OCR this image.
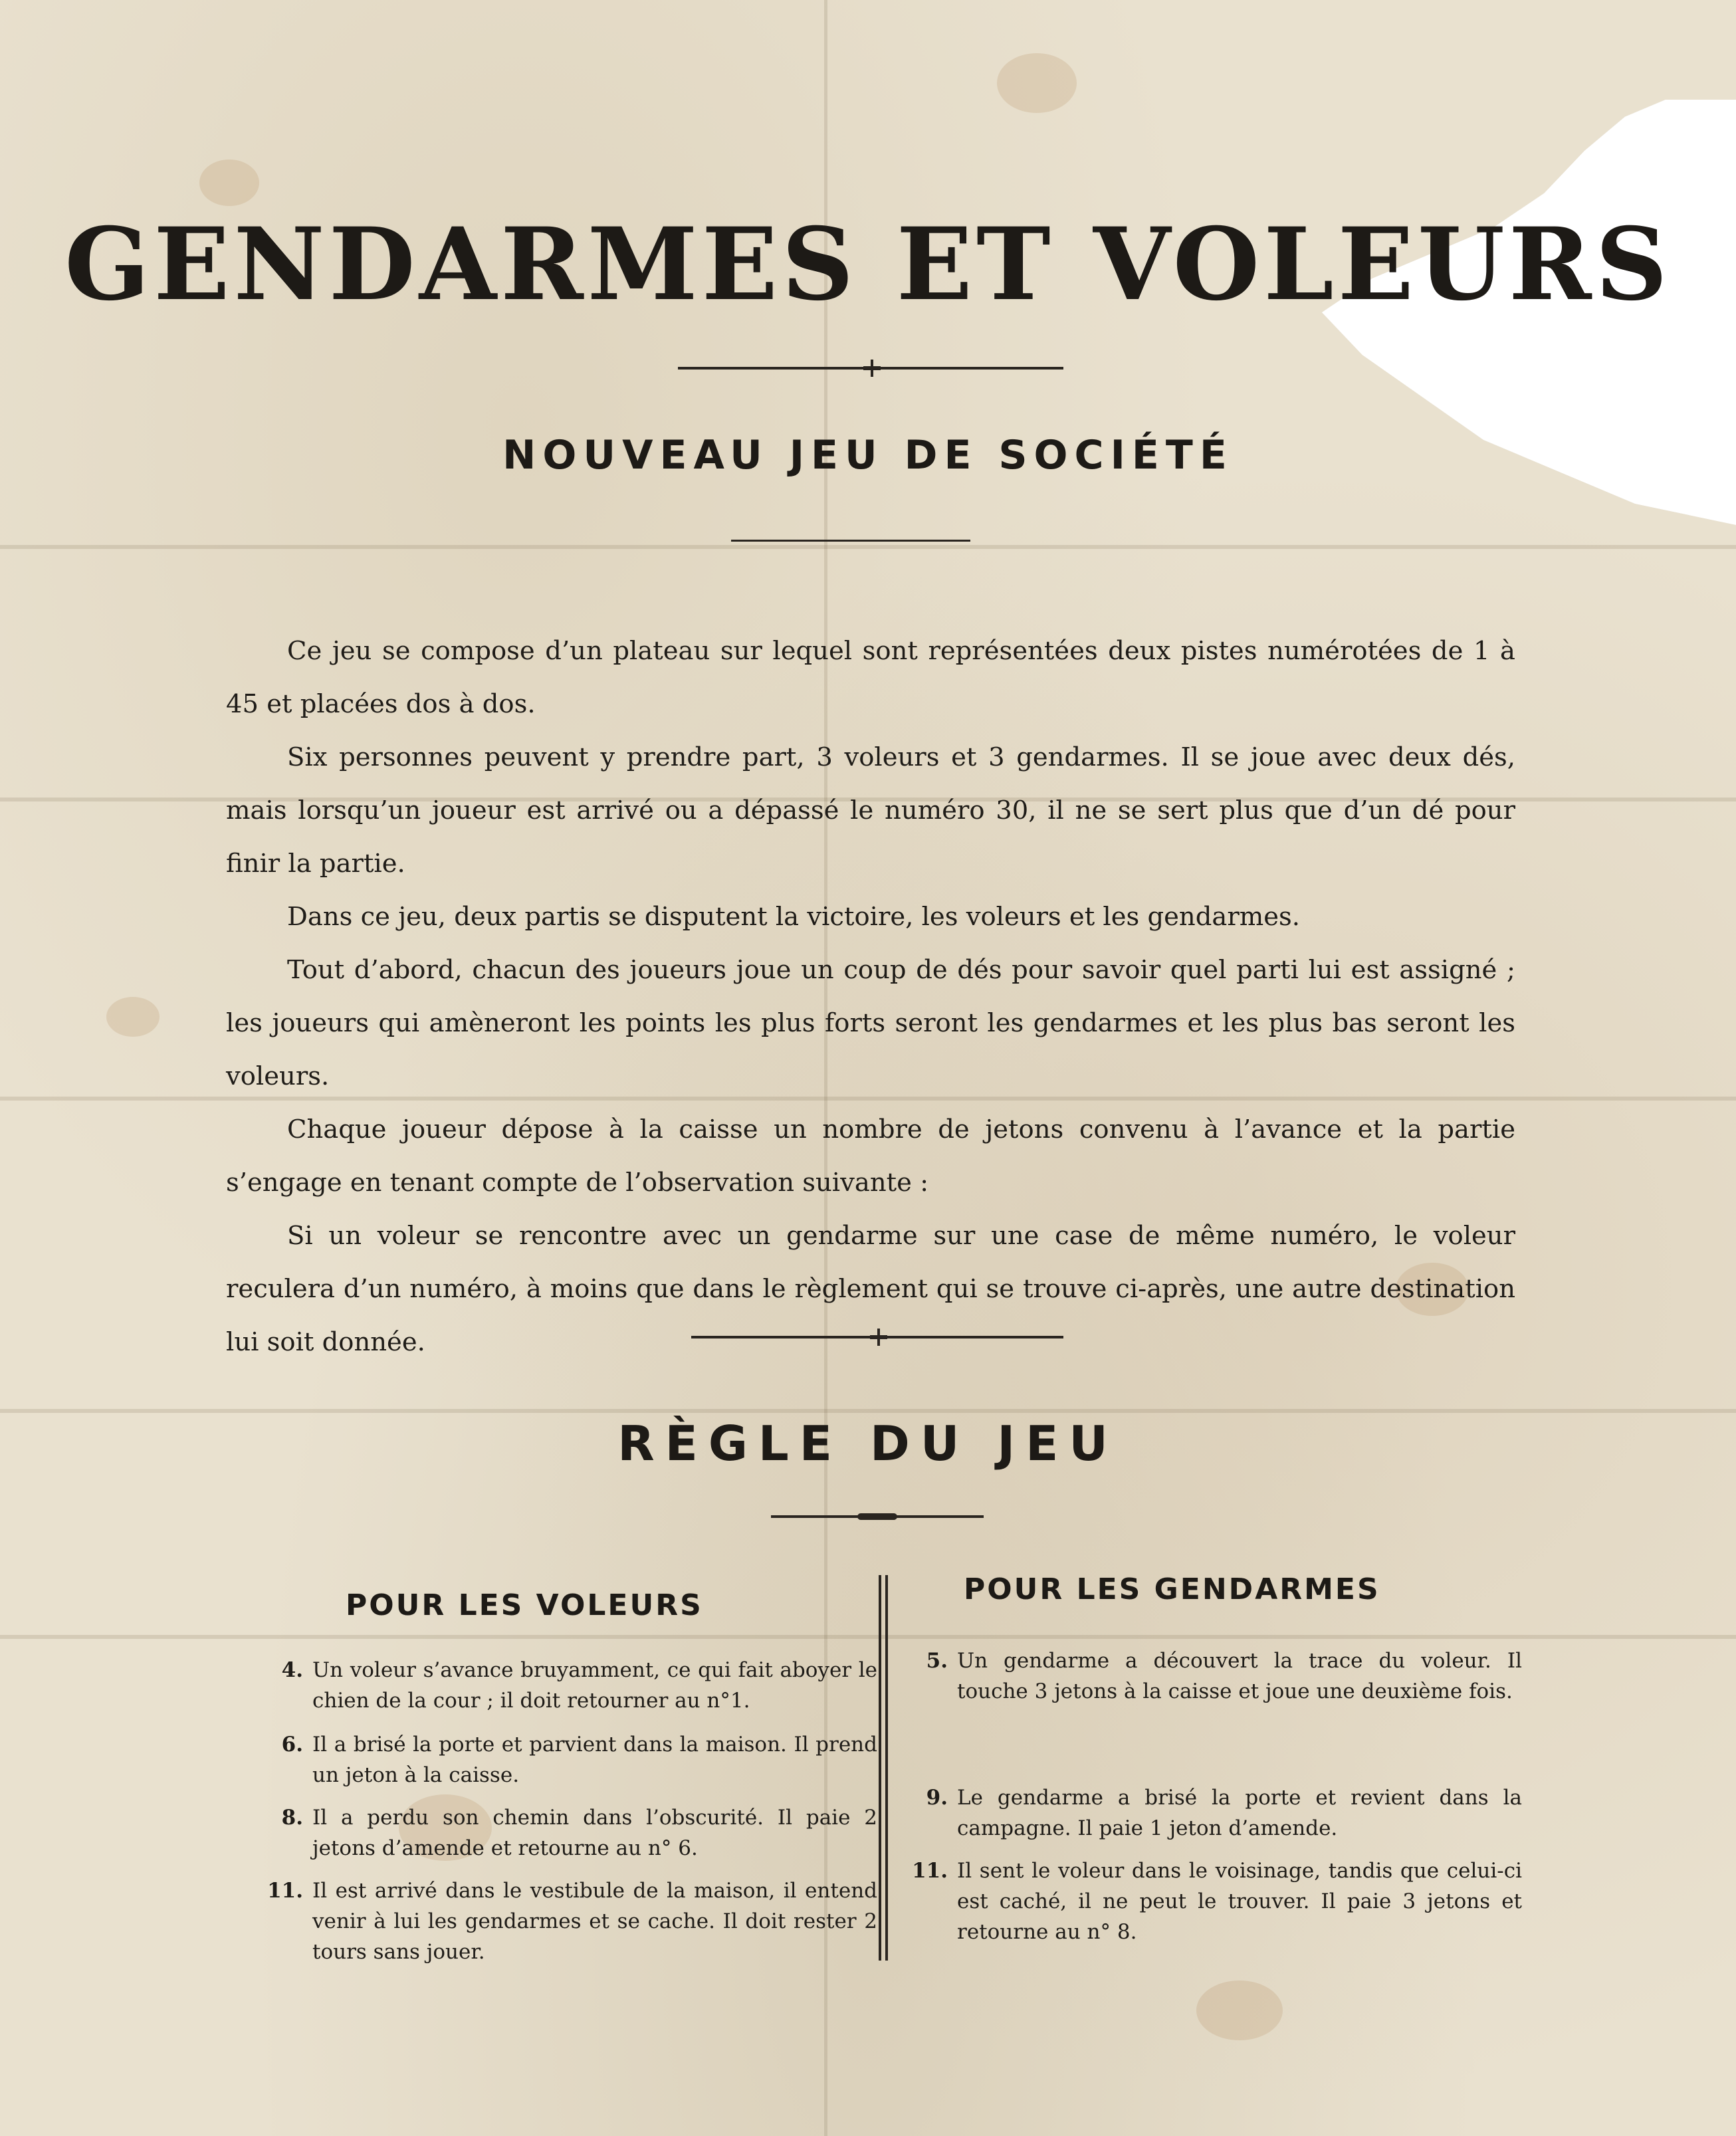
GENDARMES ET VOLEURS
NOUVEAU JEU DE SOCIÉTÉ

Ce jeu se compose d’un plateau sur lequel sont représentées deux pistes numérotées de 1 à 45 et placées dos à dos.

Six personnes peuvent y prendre part, 3 voleurs et 3 gendarmes. Il se joue avec deux dés, mais lorsqu’un joueur est arrivé ou a dépassé le numéro 30, il ne se sert plus que d’un dé pour finir la partie.

Dans ce jeu, deux partis se disputent la victoire, les voleurs et les gendarmes.

Tout d’abord, chacun des joueurs joue un coup de dés pour savoir quel parti lui est assigné ; les joueurs qui amèneront les points les plus forts seront les gendarmes et les plus bas seront les voleurs.

Chaque joueur dépose à la caisse un nombre de jetons convenu à l’avance et la partie s’engage en tenant compte de l’observation suivante :

Si un voleur se rencontre avec un gendarme sur une case de même numéro, le voleur reculera d’un numéro, à moins que dans le règlement qui se trouve ci-après, une autre destination lui soit donnée.

RÈGLE DU JEU
POUR LES VOLEURS	POUR LES GENDARMES
4. Un voleur s’avance bruyamment, ce qui fait aboyer le chien de la cour ; il doit retourner au n°1.
6. Il a brisé la porte et parvient dans la maison. Il prend un jeton à la caisse.
8. Il a perdu son chemin dans l’obscurité. Il paie 2 jetons d’amende et retourne au n° 6.
11. Il est arrivé dans le vestibule de la maison, il entend venir à lui les gendarmes et se cache. Il doit rester 2 tours sans jouer.
5. Un gendarme a découvert la trace du voleur. Il touche 3 jetons à la caisse et joue une deuxième fois.
9. Le gendarme a brisé la porte et revient dans la campagne. Il paie 1 jeton d’amende.
11. Il sent le voleur dans le voisinage, tandis que celui-ci est caché, il ne peut le trouver. Il paie 3 jetons et retourne au n° 8.
